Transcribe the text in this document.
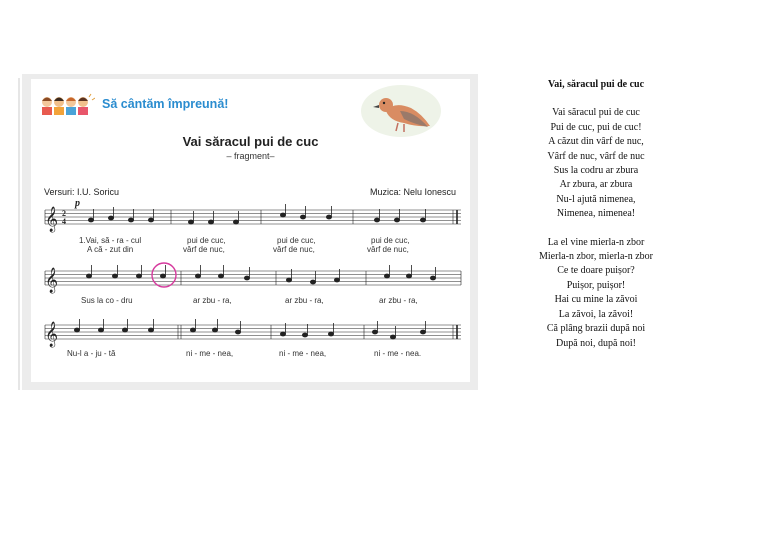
Să cântăm împreună!
Vai săracul pui de cuc
– fragment–
Versuri: I.U. Soricu	Muzica: Nelu Ionescu
𝄞 2
4
p
𝄞
𝄞
1.Vai, să - ra - cul	pui de cuc,	pui de cuc,	pui de cuc,
A că - zut din	vârf de nuc,	vârf de nuc,	vârf de nuc,
Sus la co - dru	ar zbu - ra,	ar zbu - ra,	ar zbu - ra,
Nu-l a - ju - tă	ni - me - nea,	ni - me - nea,	ni - me - nea.
Vai, săracul pui de cuc
Vai săracul pui de cuc
Pui de cuc, pui de cuc!
A căzut din vârf de nuc,
Vârf de nuc, vârf de nuc
Sus la codru ar zbura
Ar zbura, ar zbura
Nu-l ajută nimenea,
Nimenea, nimenea!
La el vine mierla-n zbor
Mierla-n zbor, mierla-n zbor
Ce te doare puișor?
Puișor, puișor!
Hai cu mine la zăvoi
La zăvoi, la zăvoi!
Că plâng brazii după noi
După noi, după noi!
